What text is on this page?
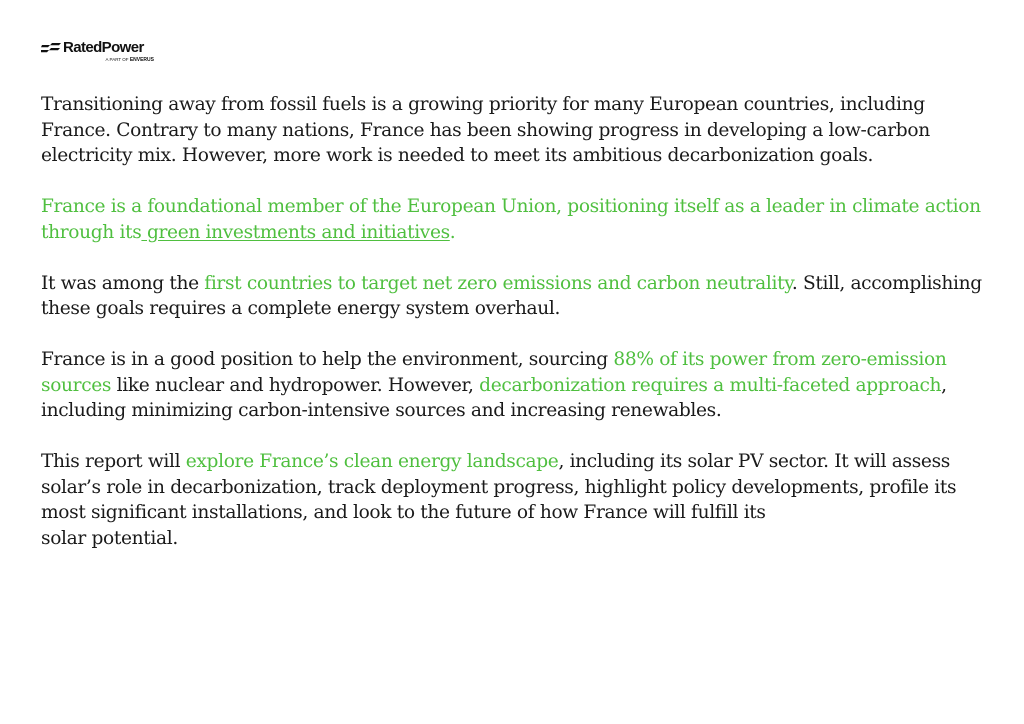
RatedPower
A PART OF ENVERUS

Transitioning away from fossil fuels is a growing priority for many European countries, including France. Contrary to many nations, France has been showing progress in developing a low-carbon electricity mix. However, more work is needed to meet its ambitious decarbonization goals.

France is a foundational member of the European Union, positioning itself as a leader in climate action through its green investments and initiatives.

It was among the first countries to target net zero emissions and carbon neutrality. Still, accomplishing these goals requires a complete energy system overhaul.

France is in a good position to help the environment, sourcing 88% of its power from zero-emission sources like nuclear and hydropower. However, decarbonization requires a multi-faceted approach, including minimizing carbon-intensive sources and increasing renewables.

This report will explore France’s clean energy landscape, including its solar PV sector. It will assess solar’s role in decarbonization, track deployment progress, highlight policy developments, profile its most significant installations, and look to the future of how France will fulfill its
solar potential.
